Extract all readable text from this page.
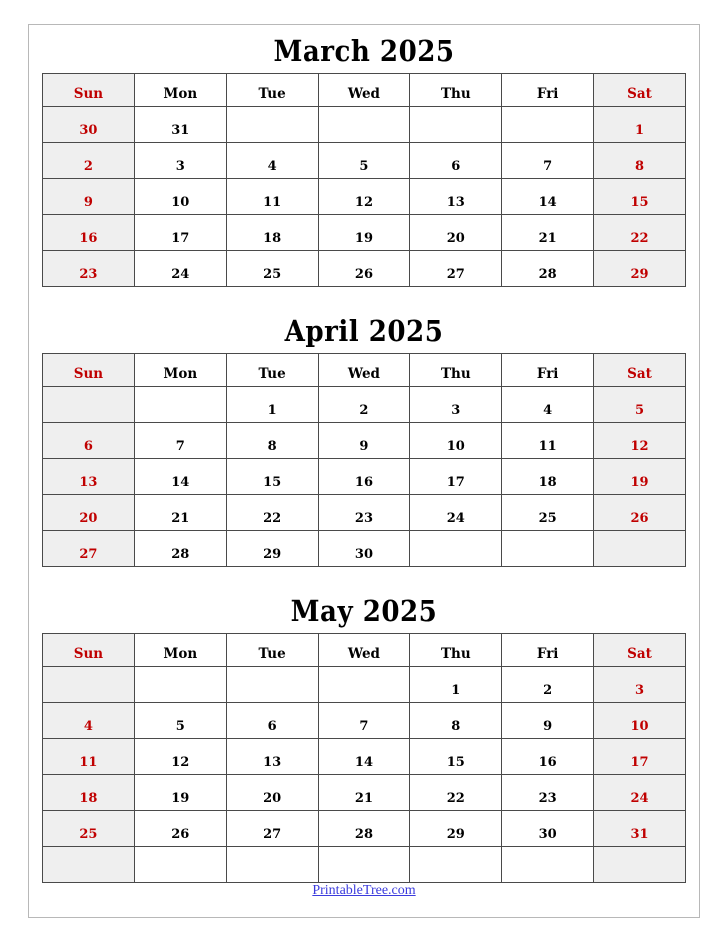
March 2025
Sun	Mon	Tue	Wed	Thu	Fri	Sat
30	31					1
2	3	4	5	6	7	8
9	10	11	12	13	14	15
16	17	18	19	20	21	22
23	24	25	26	27	28	29
April 2025
Sun	Mon	Tue	Wed	Thu	Fri	Sat
		1	2	3	4	5
6	7	8	9	10	11	12
13	14	15	16	17	18	19
20	21	22	23	24	25	26
27	28	29	30			
May 2025
Sun	Mon	Tue	Wed	Thu	Fri	Sat
				1	2	3
4	5	6	7	8	9	10
11	12	13	14	15	16	17
18	19	20	21	22	23	24
25	26	27	28	29	30	31

PrintableTree.com
